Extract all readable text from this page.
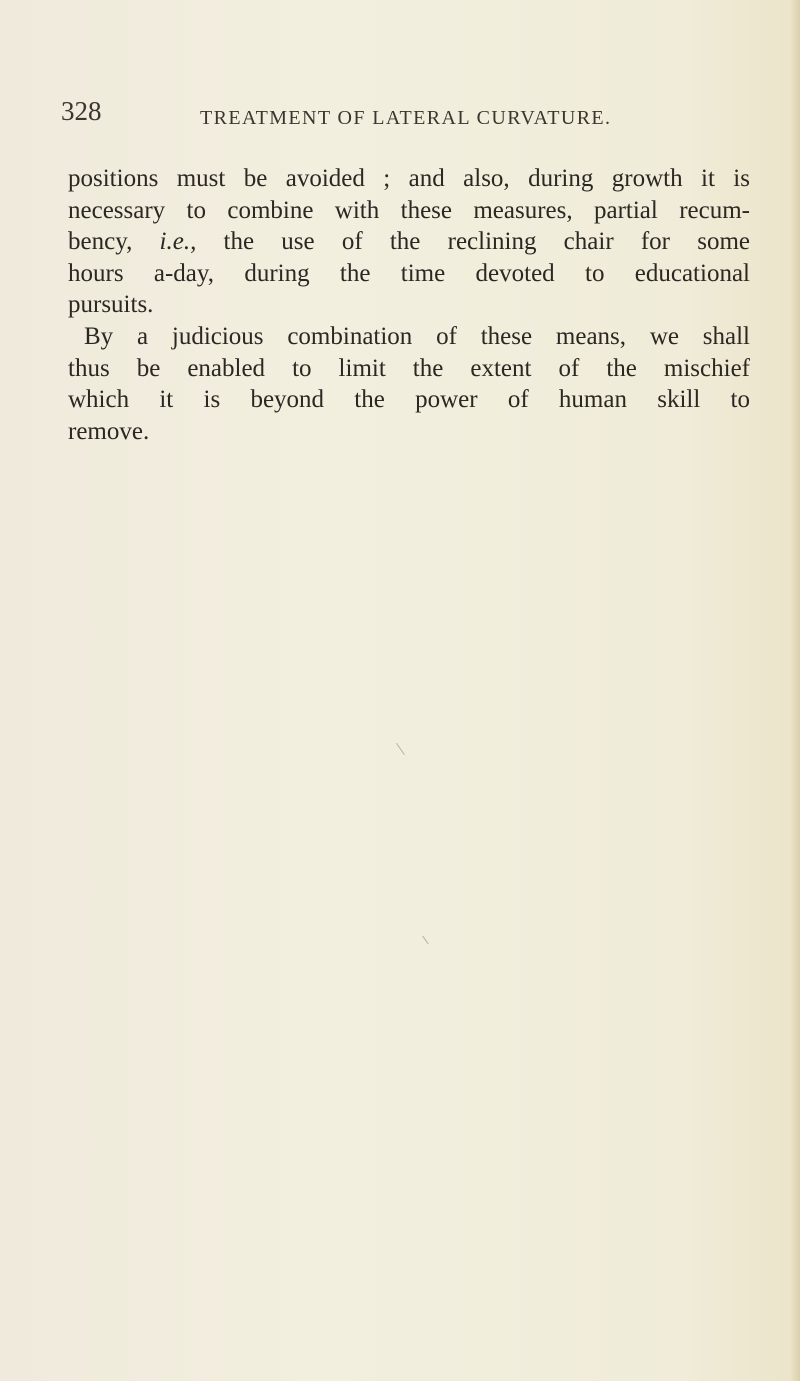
328	TREATMENT OF LATERAL CURVATURE.
positions must be avoided ; and also, during growth it is
necessary to combine with these measures, partial recum-
bency, i.e., the use of the reclining chair for some
hours a-day, during the time devoted to educational
pursuits.
By a judicious combination of these means, we shall
thus be enabled to limit the extent of the mischief
which it is beyond the power of human skill to
remove.
